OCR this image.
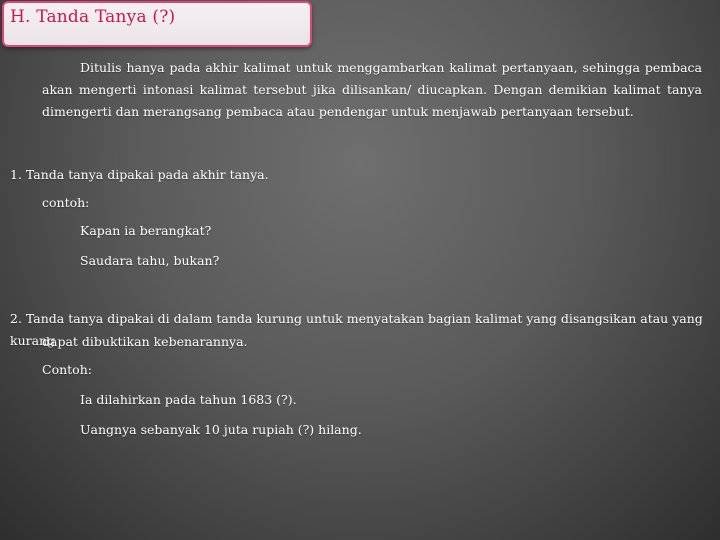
H. Tanda Tanya (?)
Ditulis hanya pada akhir kalimat untuk menggambarkan kalimat pertanyaan, sehingga pembaca akan mengerti intonasi kalimat tersebut jika dilisankan/ diucapkan. Dengan demikian kalimat tanya dimengerti dan merangsang pembaca atau pendengar untuk menjawab pertanyaan tersebut.
1. Tanda tanya dipakai pada akhir tanya.
contoh:
Kapan ia berangkat?
Saudara tahu, bukan?
2. Tanda tanya dipakai di dalam tanda kurung untuk menyatakan bagian kalimat yang disangsikan atau yang kurang
dapat dibuktikan kebenarannya.
Contoh:
Ia dilahirkan pada tahun 1683 (?).
Uangnya sebanyak 10 juta rupiah (?) hilang.
